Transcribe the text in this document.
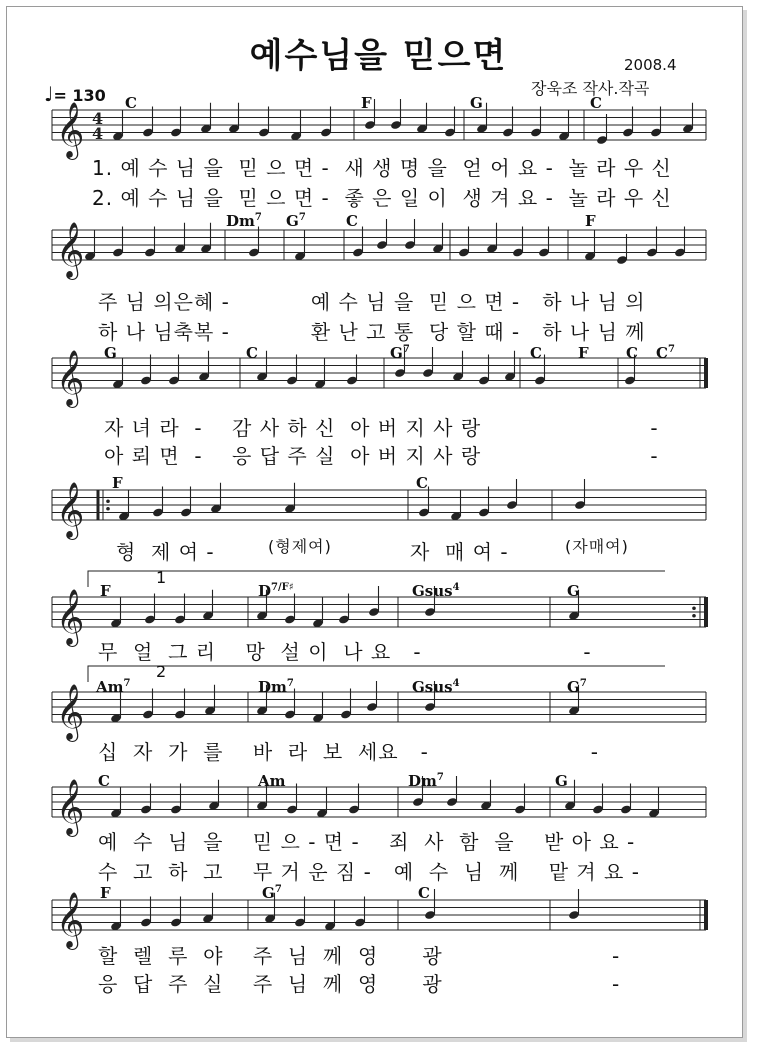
𝄞 4
4
𝄞
𝄞
𝄞
𝄞
𝄞
𝄞
𝄞
예수님을 믿으면	2008.4
장욱조 작사.작곡
♩= 130 C	F	G	C
1. 예 수 님 을  믿 으 면 -  새 생 명 을  얻 어 요 -  놀 라 우 신
2. 예 수 님 을  믿 으 면 -  좋 은 일 이  생 겨 요 -  놀 라 우 신
Dm$^7$ $G^7$	C	F
주 님 의은혜 -           예 수 님 을  믿 으 면 -   하 나 님 의
하 나 님축복 -           환 난 고 통  당 할 때 -   하 나 님 께
G	C	$G^7$	C F C $C^7$
자 녀 라  -    감 사 하 신  아 버 지 사 랑                       -
아 뢰 면  -    응 답 주 실  아 버 지 사 랑                       -
F	C
형  제 여 -	(형제여)	자  매 여 -	(자매여)
1
F	$D^{7/F♯}$	Gsus$^4$	G
무  얼  그 리    망  설 이  나 요   -                      -
2
Am$^7$	Dm$^7$	Gsus$^4$	$G^7$
십  자  가  를    바  라  보  세요   -                      -
C	Am	Dm$^7$	G
예  수  님  을    믿 으 - 면 -    죄  사  함  을    받 아 요 -
수  고  하  고    무 거 운 짐 -   예  수  님  께    맡 겨 요 -
F	$G^7$	C
할  렐  루  야    주  님  께  영      광                       -
응  답  주  실    주  님  께  영      광                       -
